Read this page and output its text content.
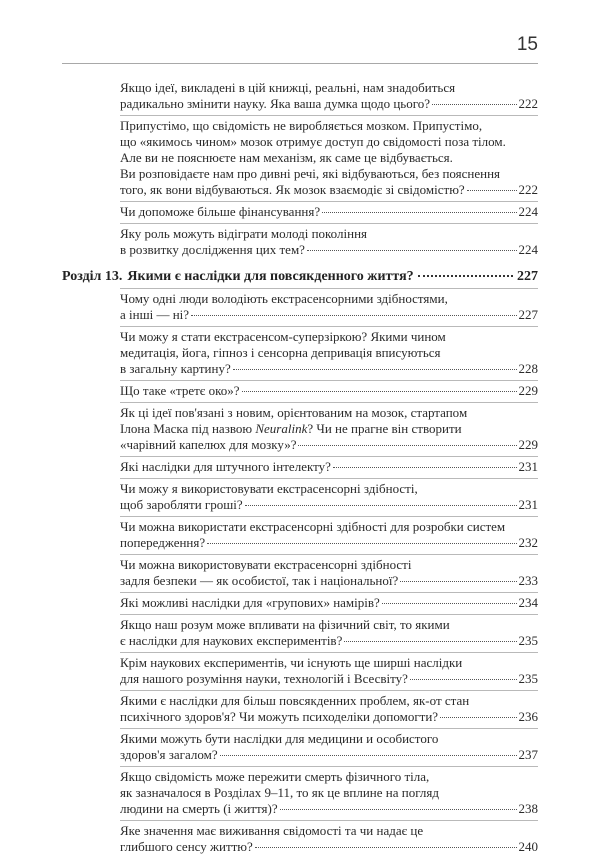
15
Якщо ідеї, викладені в цій книжці, реальні, нам знадобиться
радикально змінити науку. Яка ваша думка щодо цього?	222
Припустімо, що свідомість не виробляється мозком. Припустімо,
що «якимось чином» мозок отримує доступ до свідомості поза тілом.
Але ви не пояснюєте нам механізм, як саме це відбувається.
Ви розповідаєте нам про дивні речі, які відбуваються, без пояснення
того, як вони відбуваються. Як мозок взаємодіє зі свідомістю?	222
Чи допоможе більше фінансування?	224
Яку роль можуть відіграти молоді покоління
в розвитку дослідження цих тем?	224
Розділ 13. Якими є наслідки для повсякденного життя?	227
Чому одні люди володіють екстрасенсорними здібностями,
а інші — ні?	227
Чи можу я стати екстрасенсом-суперзіркою? Якими чином
медитація, йога, гіпноз і сенсорна депривація вписуються
в загальну картину?	228
Що таке «третє око»?	229
Як ці ідеї пов'язані з новим, орієнтованим на мозок, стартапом
Ілона Маска під назвою Neuralink? Чи не прагне він створити
«чарівний капелюх для мозку»?	229
Які наслідки для штучного інтелекту?	231
Чи можу я використовувати екстрасенсорні здібності,
щоб заробляти гроші?	231
Чи можна використати екстрасенсорні здібності для розробки систем
попередження?	232
Чи можна використовувати екстрасенсорні здібності
задля безпеки — як особистої, так і національної?	233
Які можливі наслідки для «групових» намірів?	234
Якщо наш розум може впливати на фізичний світ, то якими
є наслідки для наукових експериментів?	235
Крім наукових експериментів, чи існують ще ширші наслідки
для нашого розуміння науки, технологій і Всесвіту?	235
Якими є наслідки для більш повсякденних проблем, як-от стан
психічного здоров'я? Чи можуть психоделіки допомогти?	236
Якими можуть бути наслідки для медицини и особистого
здоров'я загалом?	237
Якщо свідомість може пережити смерть фізичного тіла,
як зазначалося в Розділах 9–11, то як це вплине на погляд
людини на смерть (і життя)?	238
Яке значення має виживання свідомості та чи надає це
глибшого сенсу життю?	240
